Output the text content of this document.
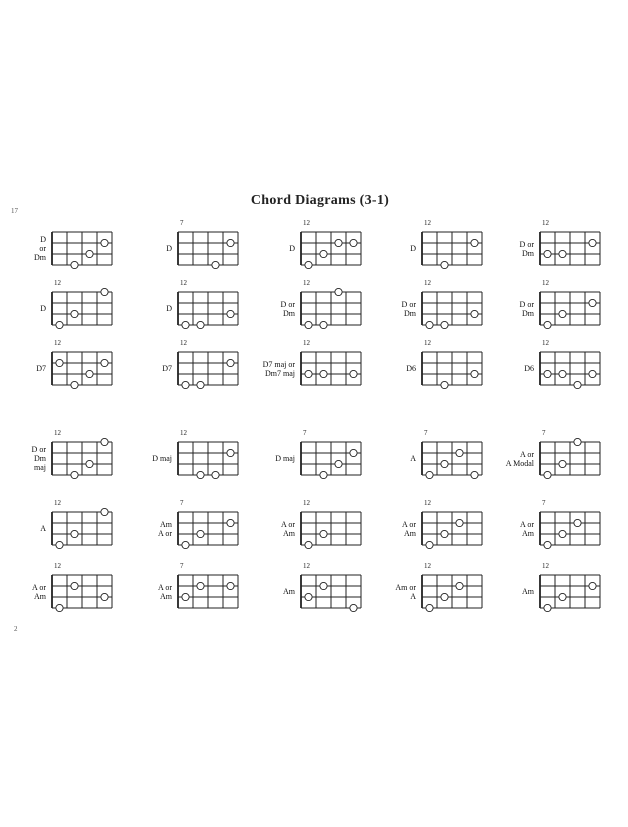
17
Chord Diagrams (3-1)
2
D
or
Dm
D
7
D
12
D
12
D or
Dm
12
D
12
D
12
D or
Dm
12
D or
Dm
12
D or
Dm
12
D7
12
D7
12
D7 maj or
Dm7 maj
12
D6
12
D6
12
D or
Dm
maj
12
D maj
12
D maj
7
A
7
A or
A Modal
7
A
12
Am
A or
7
A or
Am
12
A or
Am
12
A or
Am
7
A or
Am
12
A or
Am
7
Am
12
Am or
A
12
Am
12
